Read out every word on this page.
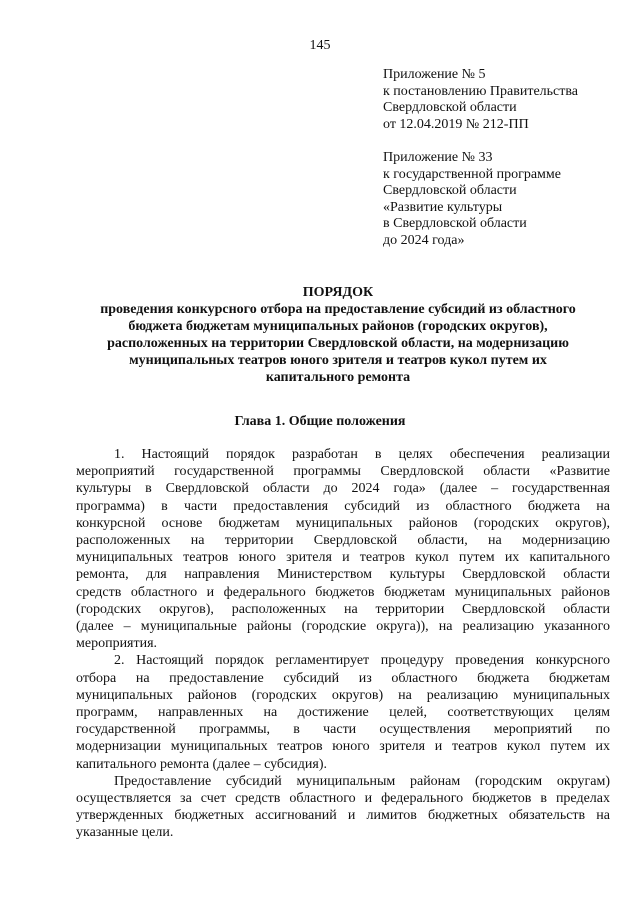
145
Приложение № 5
к постановлению Правительства
Свердловской области
от 12.04.2019 № 212-ПП
Приложение № 33
к государственной программе
Свердловской области
«Развитие культуры
в Свердловской области
до 2024 года»
ПОРЯДОК
проведения конкурсного отбора на предоставление субсидий из областного
бюджета бюджетам муниципальных районов (городских округов),
расположенных на территории Свердловской области, на модернизацию
муниципальных театров юного зрителя и театров кукол путем их
капитального ремонта
Глава 1. Общие положения
1. Настоящий порядок разработан в целях обеспечения реализации
мероприятий государственной программы Свердловской области «Развитие
культуры в Свердловской области до 2024 года» (далее – государственная
программа) в части предоставления субсидий из областного бюджета на
конкурсной основе бюджетам муниципальных районов (городских округов),
расположенных на территории Свердловской области, на модернизацию
муниципальных театров юного зрителя и театров кукол путем их капитального
ремонта, для направления Министерством культуры Свердловской области
средств областного и федерального бюджетов бюджетам муниципальных районов
(городских округов), расположенных на территории Свердловской области
(далее – муниципальные районы (городские округа)), на реализацию указанного
мероприятия.
2. Настоящий порядок регламентирует процедуру проведения конкурсного
отбора на предоставление субсидий из областного бюджета бюджетам
муниципальных районов (городских округов) на реализацию муниципальных
программ, направленных на достижение целей, соответствующих целям
государственной программы, в части осуществления мероприятий по
модернизации муниципальных театров юного зрителя и театров кукол путем их
капитального ремонта (далее – субсидия).
Предоставление субсидий муниципальным районам (городским округам)
осуществляется за счет средств областного и федерального бюджетов в пределах
утвержденных бюджетных ассигнований и лимитов бюджетных обязательств на
указанные цели.
